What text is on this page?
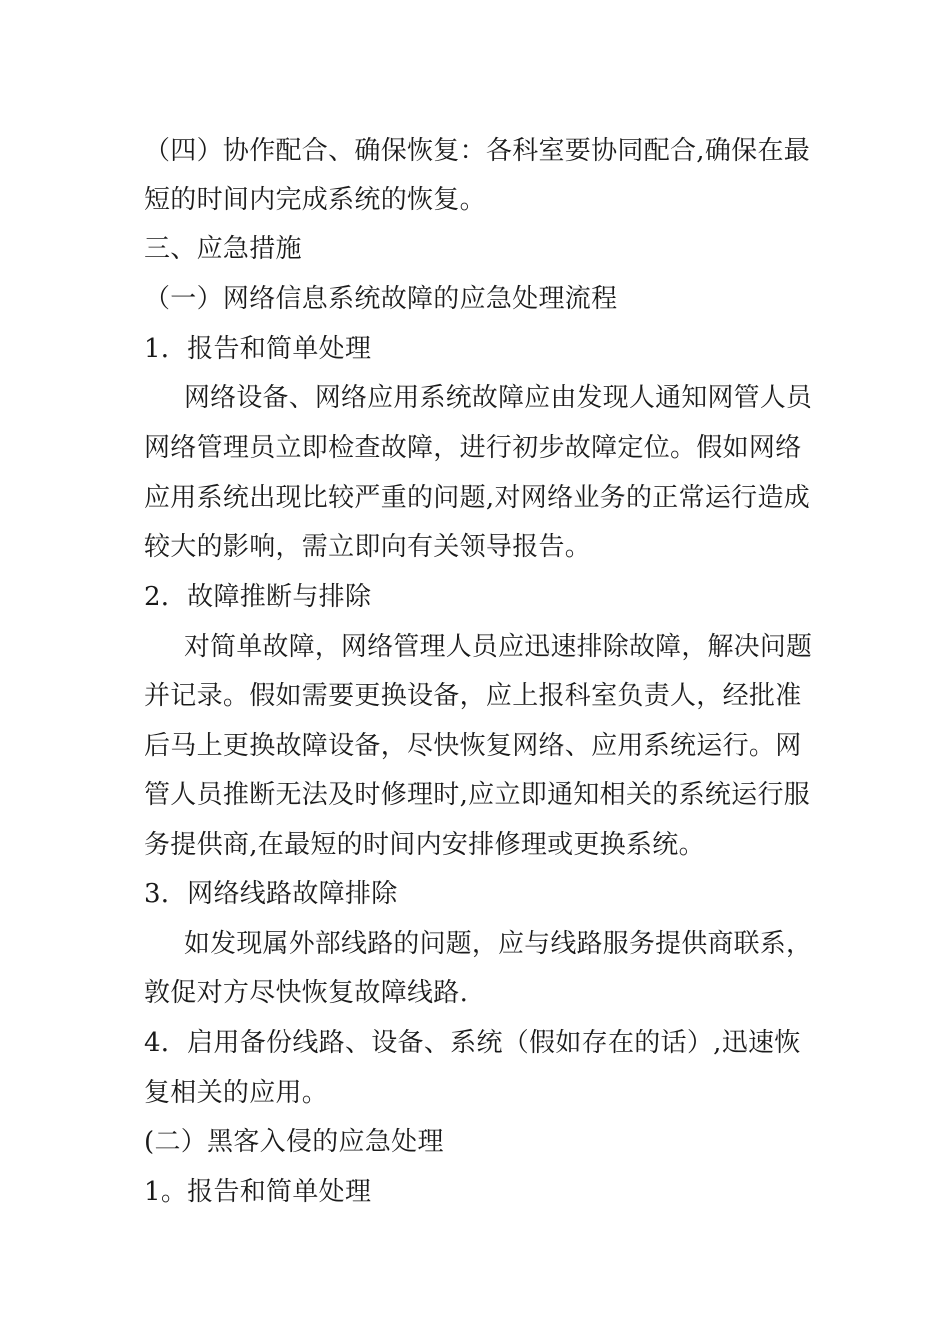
（四）协作配合、确保恢复：各科室要协同配合,确保在最
短的时间内完成系统的恢复。
三、应急措施
（一）网络信息系统故障的应急处理流程
1．报告和简单处理
网络设备、网络应用系统故障应由发现人通知网管人员
网络管理员立即检查故障，进行初步故障定位。假如网络
应用系统出现比较严重的问题,对网络业务的正常运行造成
较大的影响，需立即向有关领导报告。
2．故障推断与排除
对简单故障，网络管理人员应迅速排除故障，解决问题
并记录。假如需要更换设备，应上报科室负责人，经批准
后马上更换故障设备，尽快恢复网络、应用系统运行。网
管人员推断无法及时修理时,应立即通知相关的系统运行服
务提供商,在最短的时间内安排修理或更换系统。
3．网络线路故障排除
如发现属外部线路的问题，应与线路服务提供商联系，
敦促对方尽快恢复故障线路.
4．启用备份线路、设备、系统（假如存在的话）,迅速恢
复相关的应用。
(二）黑客入侵的应急处理
1。报告和简单处理
